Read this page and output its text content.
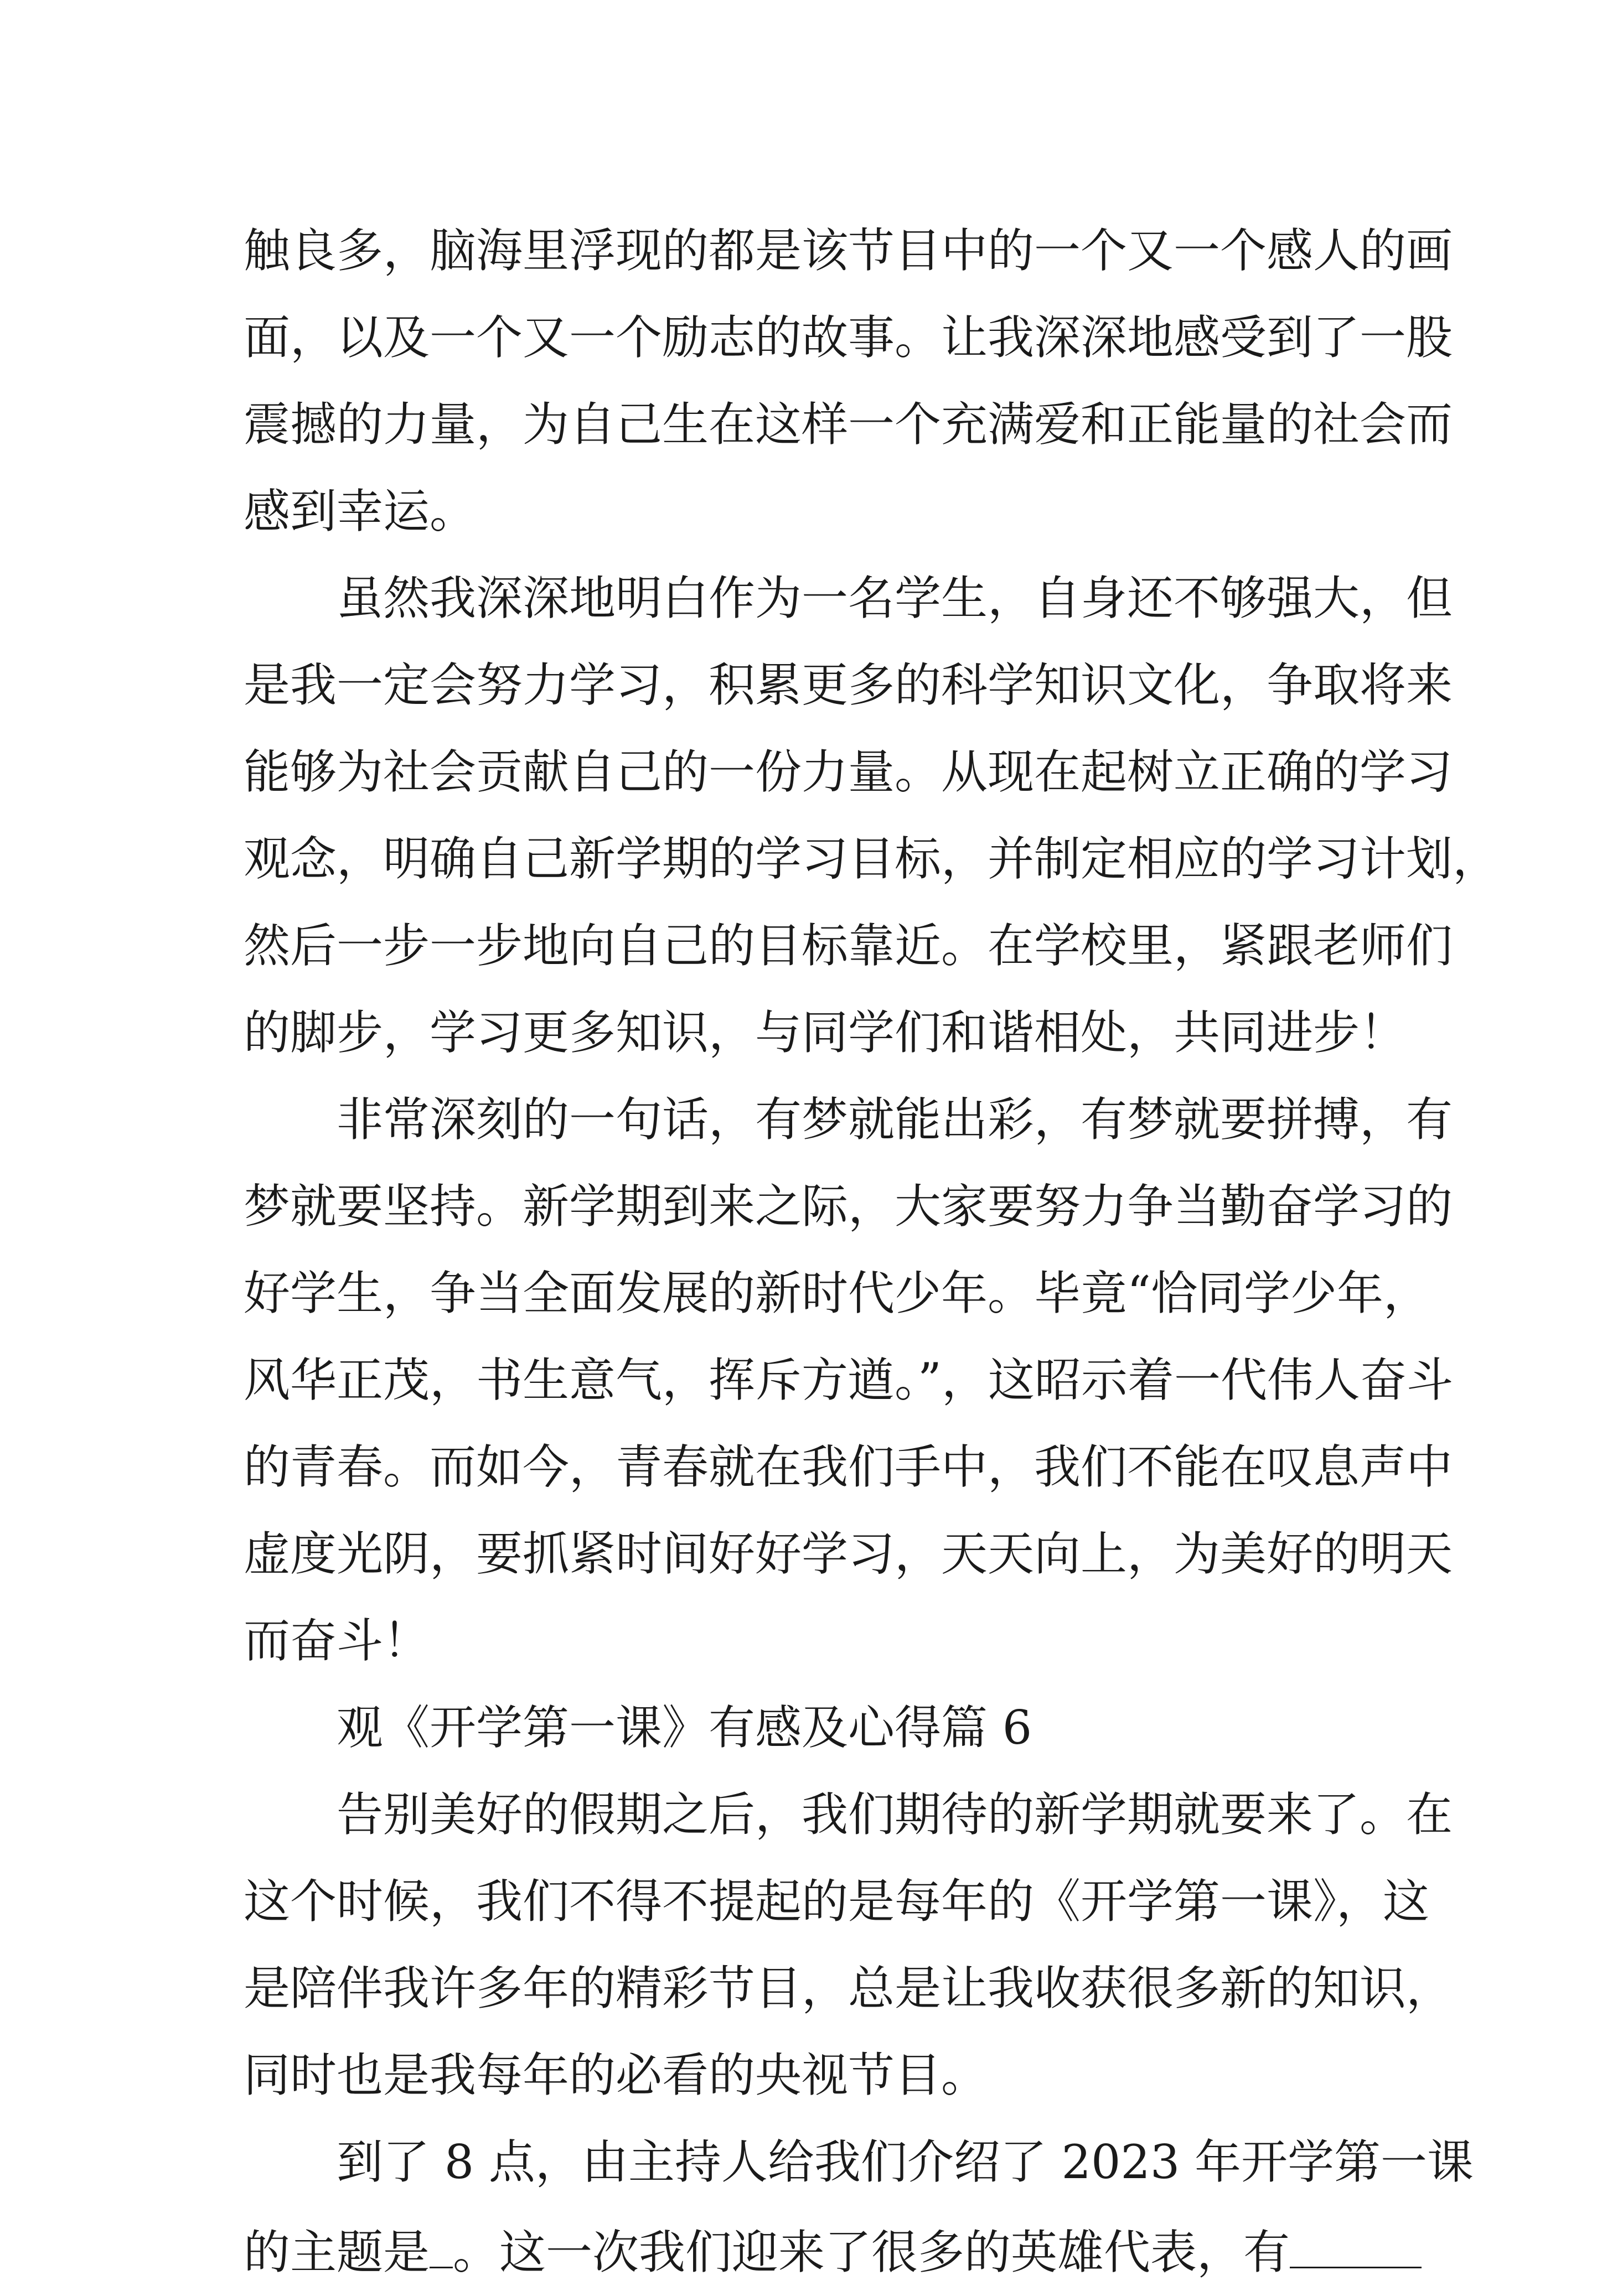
触良多，脑海里浮现的都是该节目中的一个又一个感人的画
面，以及一个又一个励志的故事。让我深深地感受到了一股
震撼的力量，为自己生在这样一个充满爱和正能量的社会而
感到幸运。
虽然我深深地明白作为一名学生，自身还不够强大，但
是我一定会努力学习，积累更多的科学知识文化，争取将来
能够为社会贡献自己的一份力量。从现在起树立正确的学习
观念，明确自己新学期的学习目标，并制定相应的学习计划，
然后一步一步地向自己的目标靠近。在学校里，紧跟老师们
的脚步，学习更多知识，与同学们和谐相处，共同进步！
非常深刻的一句话，有梦就能出彩，有梦就要拼搏，有
梦就要坚持。新学期到来之际，大家要努力争当勤奋学习的
好学生，争当全面发展的新时代少年。毕竟“恰同学少年，
风华正茂，书生意气，挥斥方遒。”，这昭示着一代伟人奋斗
的青春。而如今，青春就在我们手中，我们不能在叹息声中
虚度光阴，要抓紧时间好好学习，天天向上，为美好的明天
而奋斗！
观《开学第一课》有感及心得篇 6
告别美好的假期之后，我们期待的新学期就要来了。在
这个时候，我们不得不提起的是每年的《开学第一课》，这
是陪伴我许多年的精彩节目，总是让我收获很多新的知识，
同时也是我每年的必看的央视节目。
到了 8 点，由主持人给我们介绍了 2023 年开学第一课
的主题是 。这一次我们迎来了很多的英雄代表，有
